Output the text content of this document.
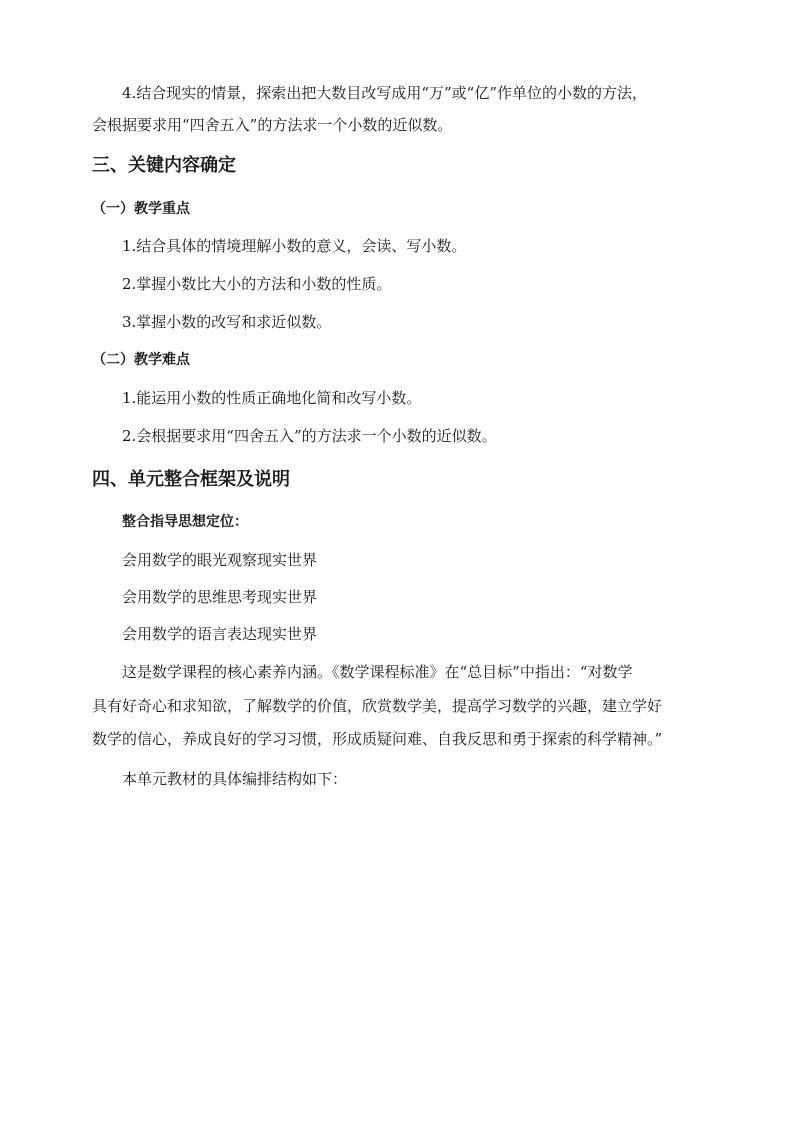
4.结合现实的情景，探索出把大数目改写成用“万”或“亿”作单位的小数的方法，
会根据要求用“四舍五入”的方法求一个小数的近似数。
三、关键内容确定
（一）教学重点
1.结合具体的情境理解小数的意义，会读、写小数。
2.掌握小数比大小的方法和小数的性质。
3.掌握小数的改写和求近似数。
（二）教学难点
1.能运用小数的性质正确地化简和改写小数。
2.会根据要求用“四舍五入”的方法求一个小数的近似数。
四、单元整合框架及说明
整合指导思想定位：
会用数学的眼光观察现实世界
会用数学的思维思考现实世界
会用数学的语言表达现实世界
这是数学课程的核心素养内涵。《数学课程标准》在“总目标”中指出：“对数学
具有好奇心和求知欲，了解数学的价值，欣赏数学美，提高学习数学的兴趣，建立学好
数学的信心，养成良好的学习习惯，形成质疑问难、自我反思和勇于探索的科学精神。”
本单元教材的具体编排结构如下：
